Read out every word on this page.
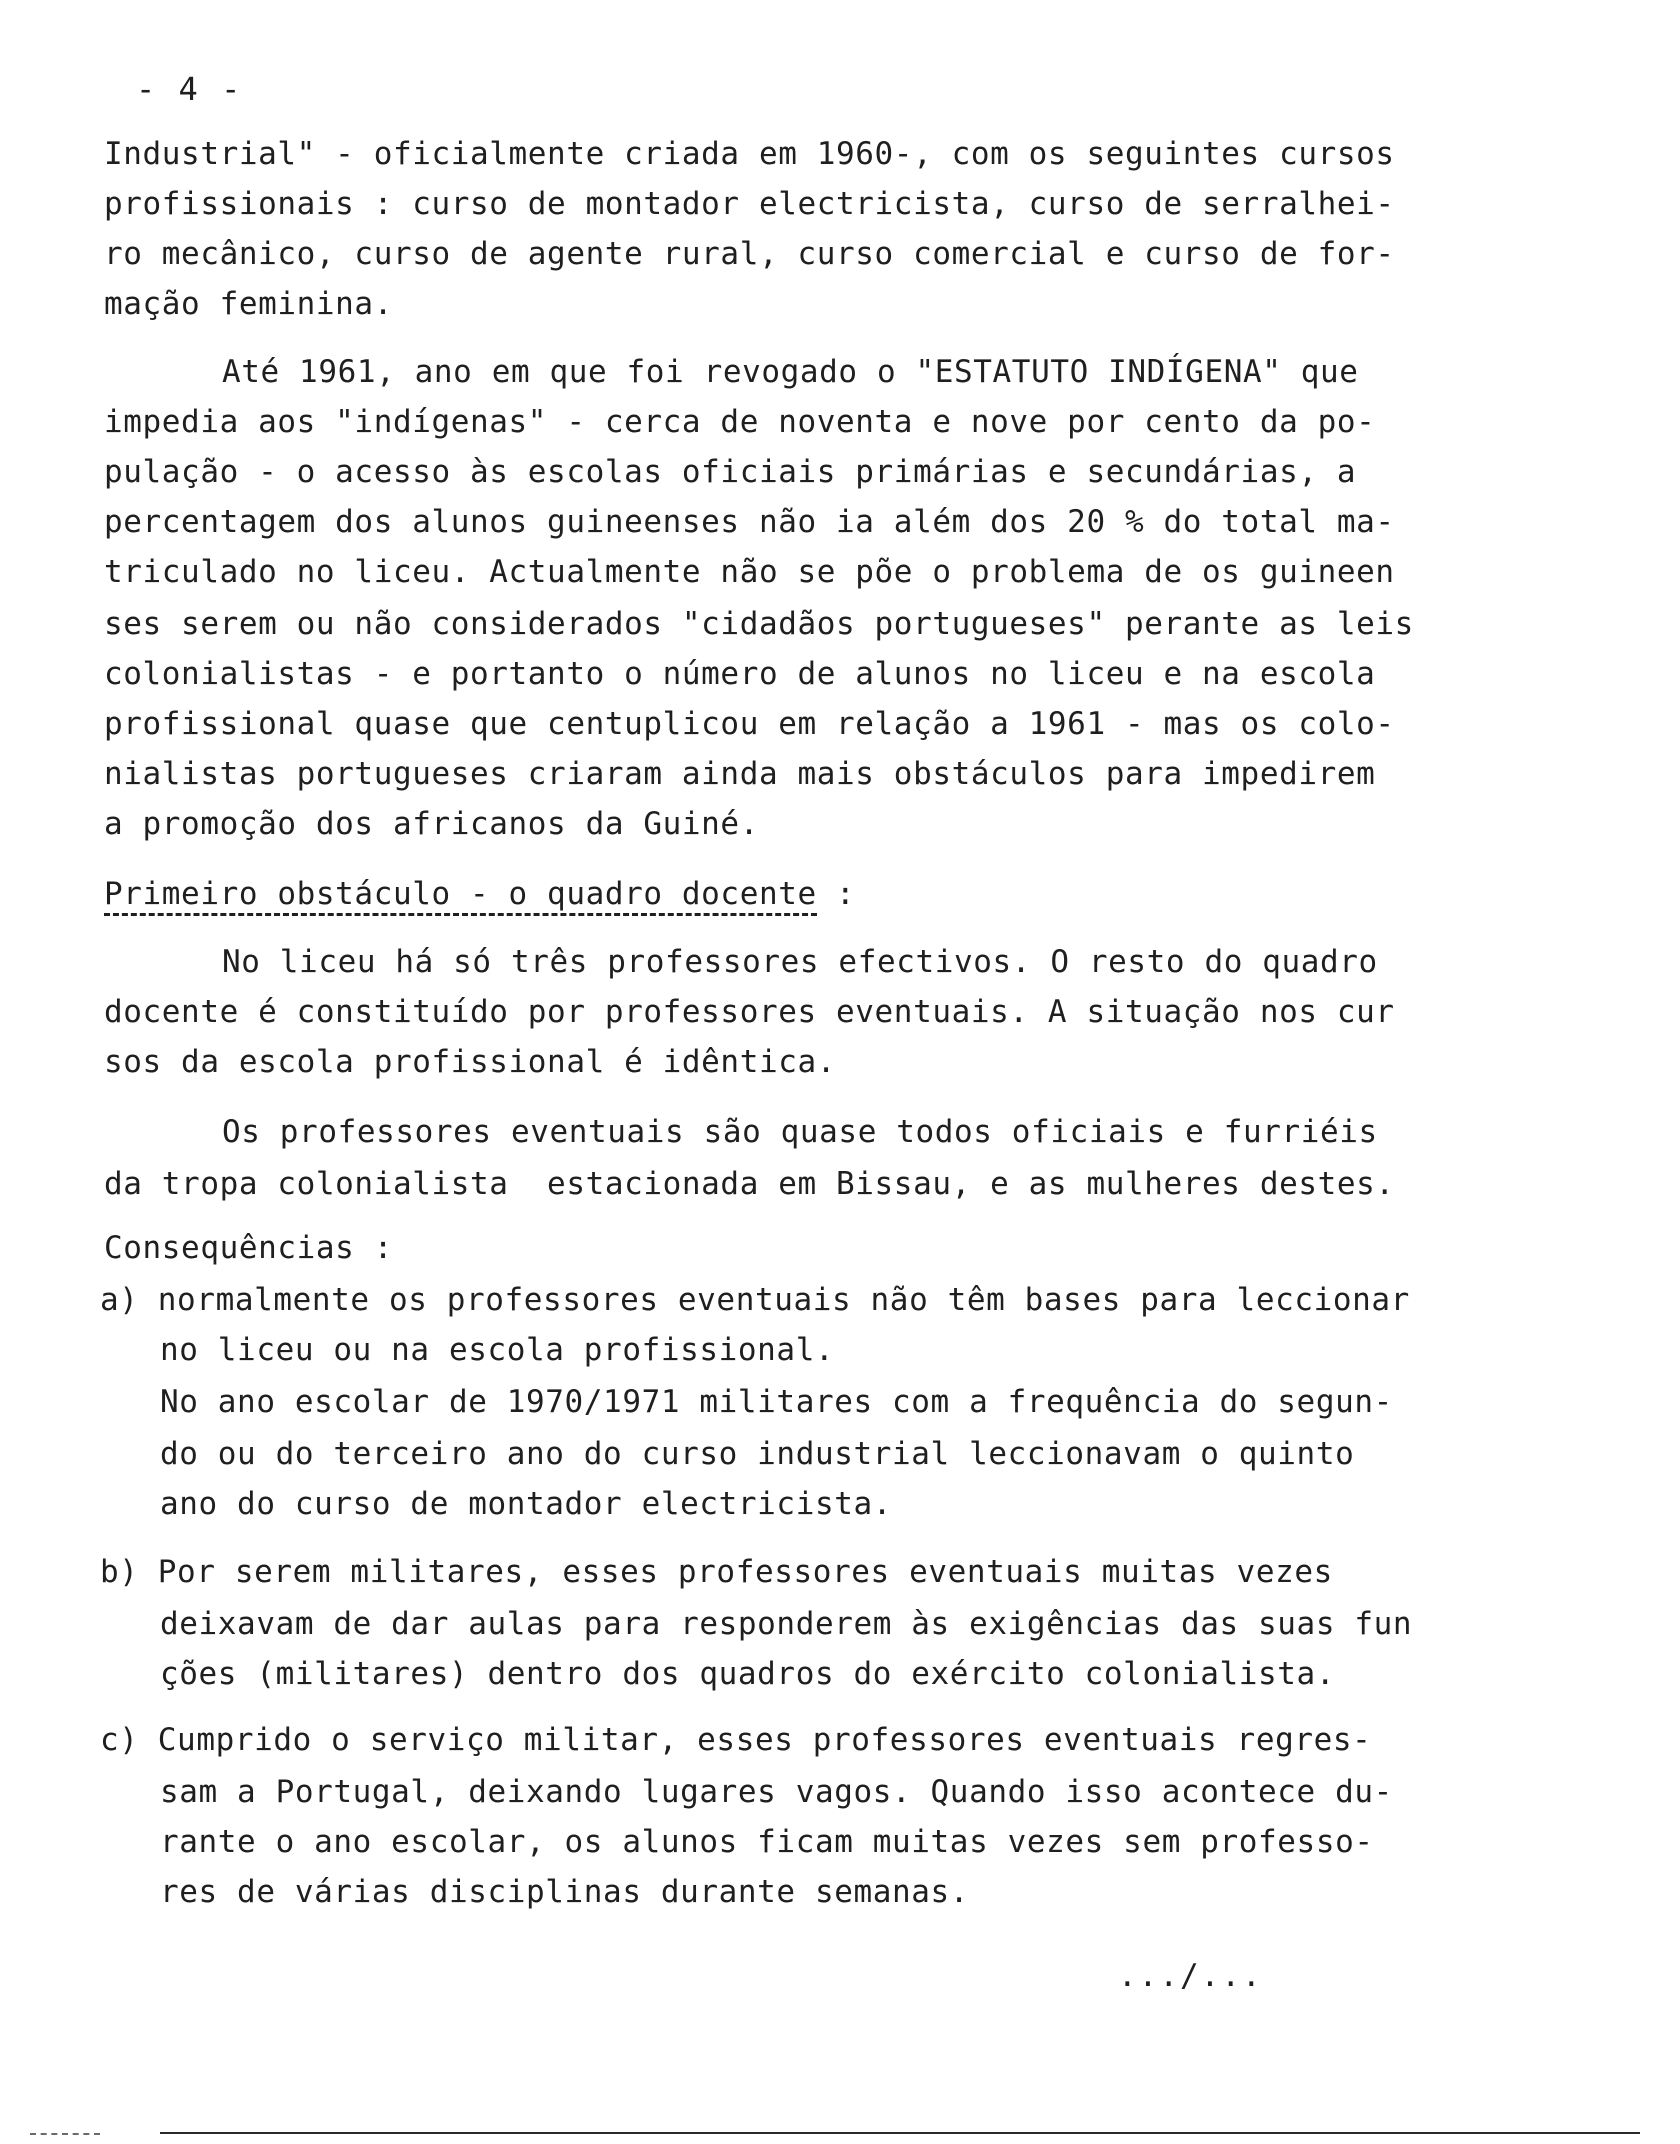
- 4 -
Industrial" - oficialmente criada em 1960-, com os seguintes cursos
profissionais : curso de montador electricista, curso de serralhei-
ro mecânico, curso de agente rural, curso comercial e curso de for-
mação feminina.
Até 1961, ano em que foi revogado o "ESTATUTO INDÍGENA" que
impedia aos "indígenas" - cerca de noventa e nove por cento da po-
pulação - o acesso às escolas oficiais primárias e secundárias, a
percentagem dos alunos guineenses não ia além dos 20 % do total ma-
triculado no liceu. Actualmente não se põe o problema de os guineen
ses serem ou não considerados "cidadãos portugueses" perante as leis
colonialistas - e portanto o número de alunos no liceu e na escola
profissional quase que centuplicou em relação a 1961 - mas os colo-
nialistas portugueses criaram ainda mais obstáculos para impedirem
a promoção dos africanos da Guiné.
Primeiro obstáculo - o quadro docente :
No liceu há só três professores efectivos. O resto do quadro
docente é constituído por professores eventuais. A situação nos cur
sos da escola profissional é idêntica.
Os professores eventuais são quase todos oficiais e furriéis
da tropa colonialista  estacionada em Bissau, e as mulheres destes.
Consequências :
a) normalmente os professores eventuais não têm bases para leccionar
no liceu ou na escola profissional.
No ano escolar de 1970/1971 militares com a frequência do segun-
do ou do terceiro ano do curso industrial leccionavam o quinto
ano do curso de montador electricista.
b) Por serem militares, esses professores eventuais muitas vezes
deixavam de dar aulas para responderem às exigências das suas fun
ções (militares) dentro dos quadros do exército colonialista.
c) Cumprido o serviço militar, esses professores eventuais regres-
sam a Portugal, deixando lugares vagos. Quando isso acontece du-
rante o ano escolar, os alunos ficam muitas vezes sem professo-
res de várias disciplinas durante semanas.
.../...
